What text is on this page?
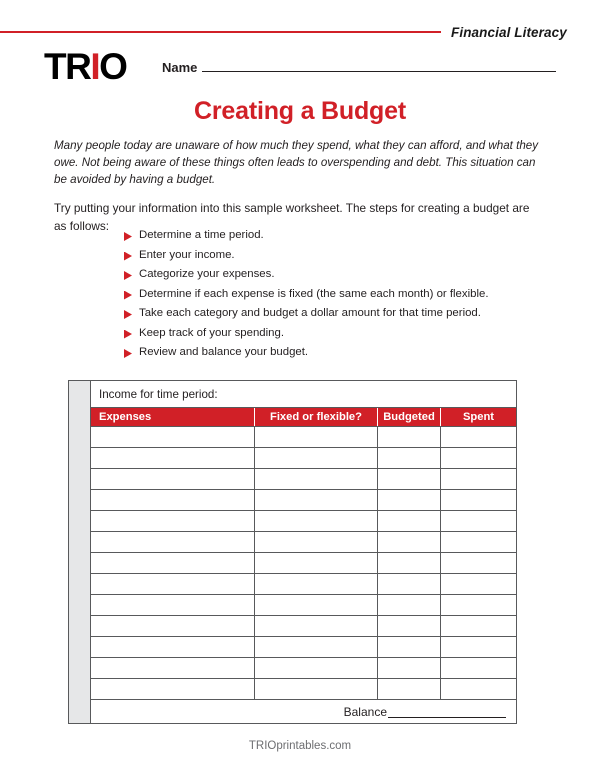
Financial Literacy
TRIO	Name
Creating a Budget
Many people today are unaware of how much they spend, what they can afford, and what they owe. Not being aware of these things often leads to overspending and debt. This situation can be avoided by having a budget.
Try putting your information into this sample worksheet. The steps for creating a budget are as follows:
Determine a time period.
Enter your income.
Categorize your expenses.
Determine if each expense is fixed (the same each month) or flexible.
Take each category and budget a dollar amount for that time period.
Keep track of your spending.
Review and balance your budget.
Income for time period:
Expenses	Fixed or flexible?	Budgeted	Spent
Balance
TRIOprintables.com
